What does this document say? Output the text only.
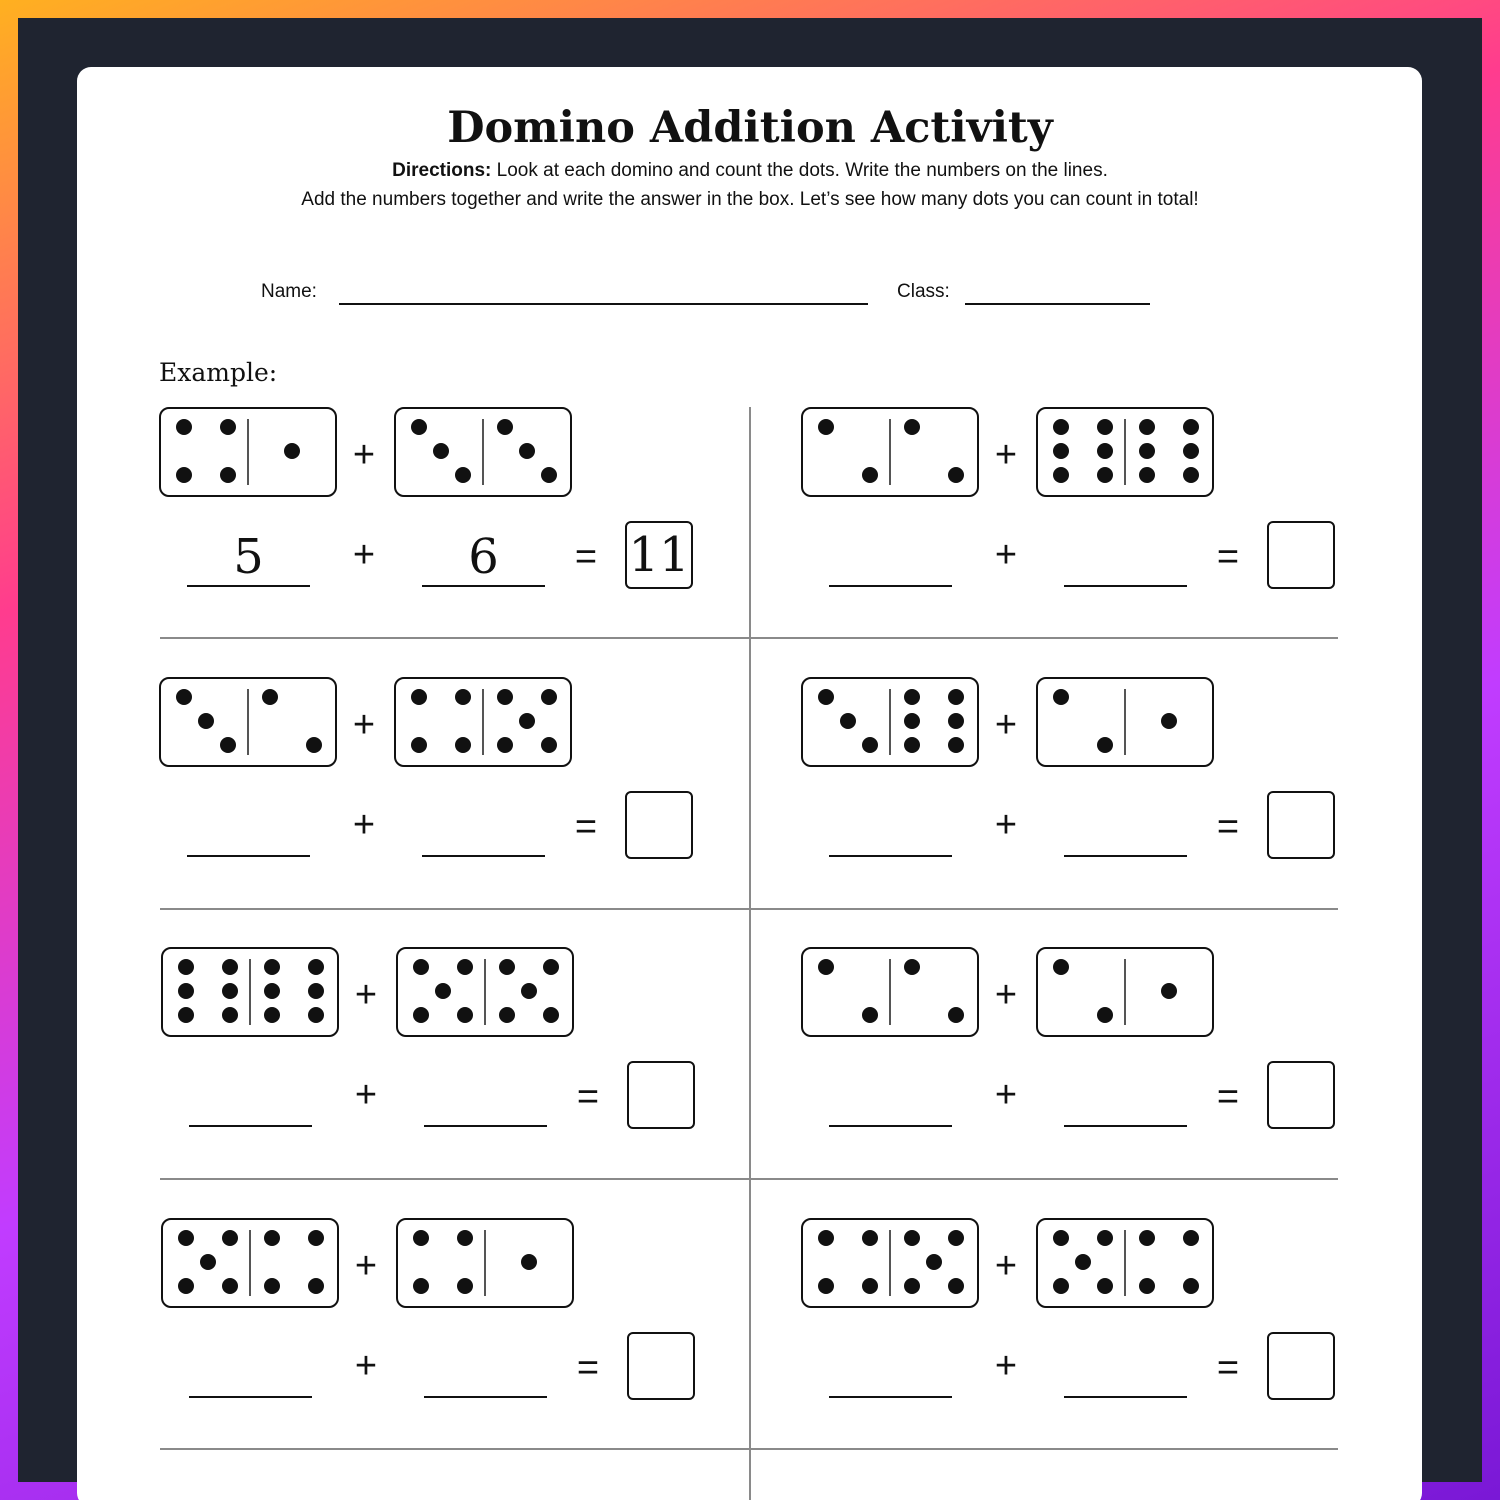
Domino Addition Activity
Directions: Look at each domino and count the dots. Write the numbers on the lines.
Add the numbers together and write the answer in the box. Let’s see how many dots you can count in total!
Name:	Class:
Example:
+
5	+	6	= 11
+
+	=
+
+	=
+
+	=
+
+	=
+
+	=
+
+	=
+
+	=
